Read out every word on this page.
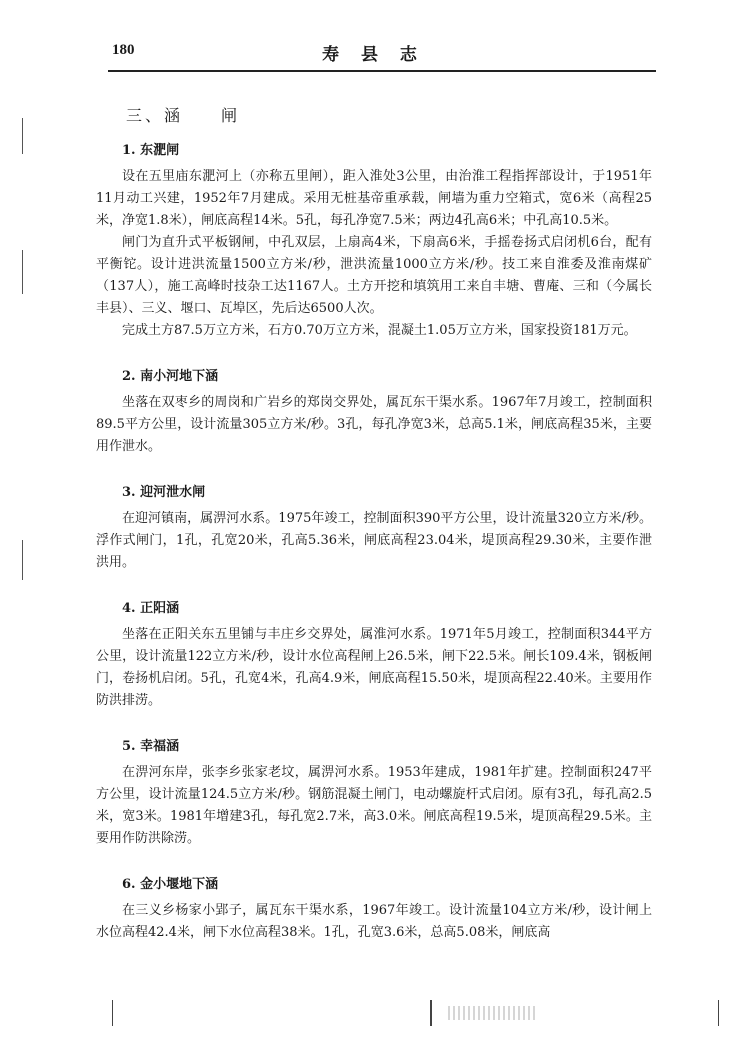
180	寿 县 志
三、涵　　闸

1. 东淝闸

设在五里庙东淝河上（亦称五里闸），距入淮处3公里，由治淮工程指挥部设计，于1951年11月动工兴建，1952年7月建成。采用无桩基帝重承载，闸墙为重力空箱式，宽6米（高程25米，净宽1.8米），闸底高程14米。5孔，每孔净宽7.5米；两边4孔高6米；中孔高10.5米。

闸门为直升式平板钢闸，中孔双层，上扇高4米，下扇高6米，手摇卷扬式启闭机6台，配有平衡铊。设计进洪流量1500立方米/秒，泄洪流量1000立方米/秒。技工来自淮委及淮南煤矿（137人），施工高峰时技杂工达1167人。土方开挖和填筑用工来自丰塘、曹庵、三和（今属长丰县）、三义、堰口、瓦埠区，先后达6500人次。

完成土方87.5万立方米，石方0.70万立方米，混凝土1.05万立方米，国家投资181万元。

2. 南小河地下涵

坐落在双枣乡的周岗和广岩乡的郑岗交界处，属瓦东干渠水系。1967年7月竣工，控制面积89.5平方公里，设计流量305立方米/秒。3孔，每孔净宽3米，总高5.1米，闸底高程35米，主要用作泄水。

3. 迎河泄水闸

在迎河镇南，属淠河水系。1975年竣工，控制面积390平方公里，设计流量320立方米/秒。浮作式闸门，1孔，孔宽20米，孔高5.36米，闸底高程23.04米，堤顶高程29.30米，主要作泄洪用。

4. 正阳涵

坐落在正阳关东五里铺与丰庄乡交界处，属淮河水系。1971年5月竣工，控制面积344平方公里，设计流量122立方米/秒，设计水位高程闸上26.5米，闸下22.5米。闸长109.4米，钢板闸门，卷扬机启闭。5孔，孔宽4米，孔高4.9米，闸底高程15.50米，堤顶高程22.40米。主要用作防洪排涝。

5. 幸福涵

在淠河东岸，张李乡张家老坟，属淠河水系。1953年建成，1981年扩建。控制面积247平方公里，设计流量124.5立方米/秒。钢筋混凝土闸门，电动螺旋杆式启闭。原有3孔，每孔高2.5米，宽3米。1981年增建3孔，每孔宽2.7米，高3.0米。闸底高程19.5米，堤顶高程29.5米。主要用作防洪除涝。

6. 金小堰地下涵

在三义乡杨家小郢子，属瓦东干渠水系，1967年竣工。设计流量104立方米/秒，设计闸上水位高程42.4米，闸下水位高程38米。1孔，孔宽3.6米，总高5.08米，闸底高
